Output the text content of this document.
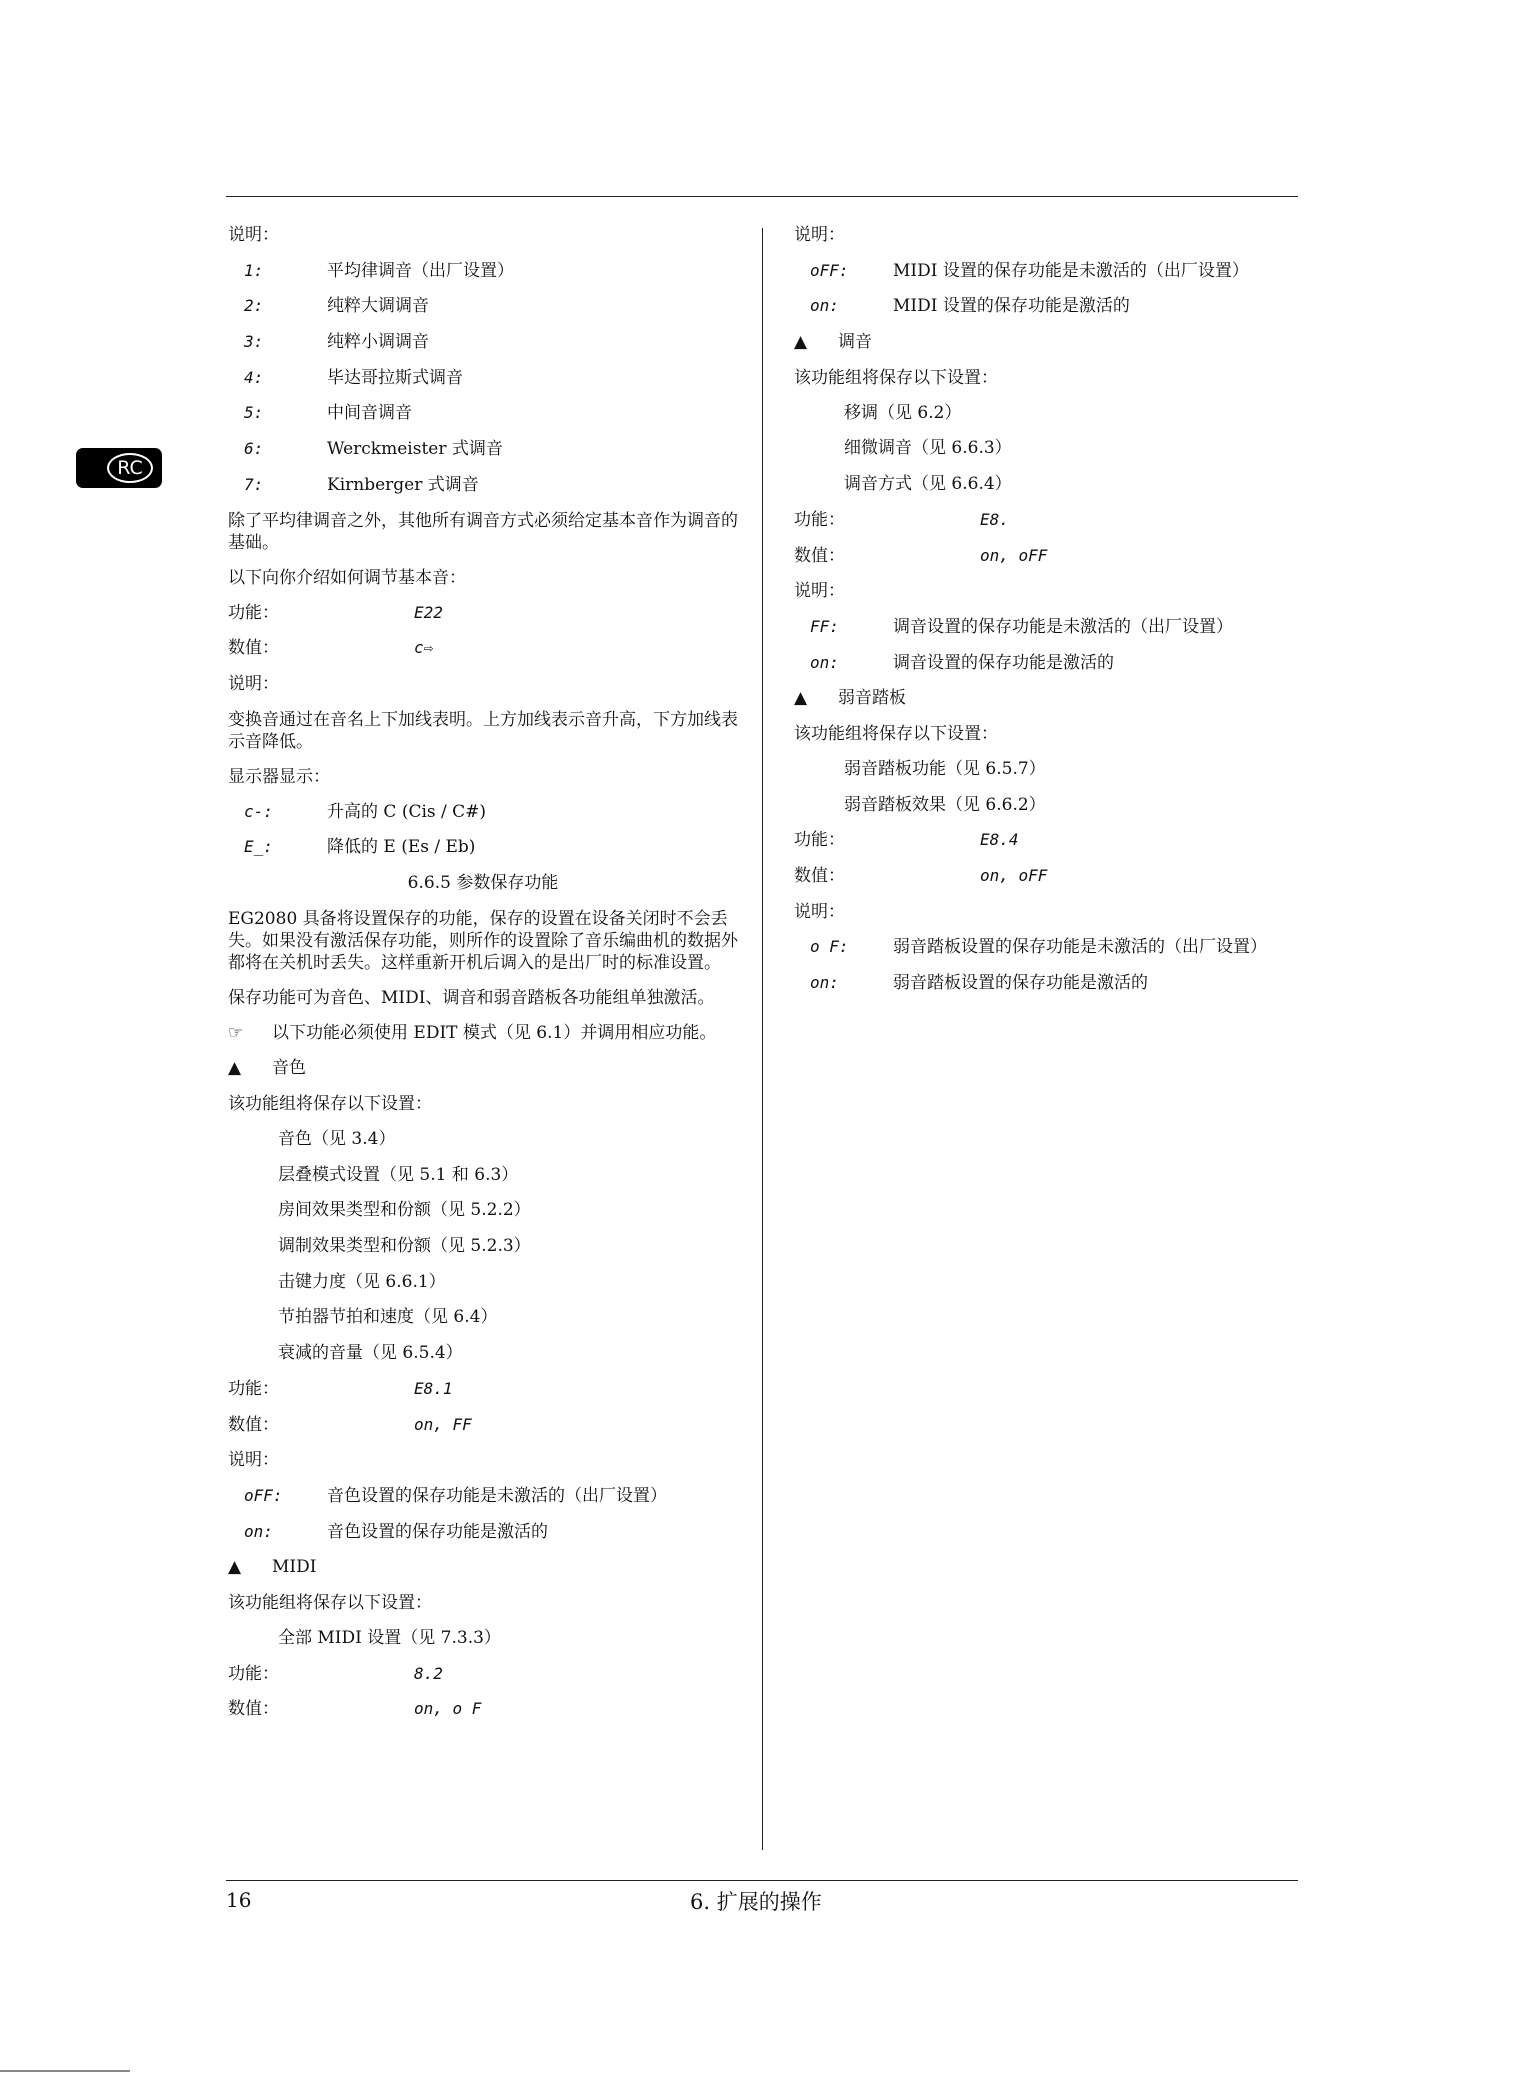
RC
说明：
1:	平均律调音（出厂设置）
2:	纯粹大调调音
3:	纯粹小调调音
4:	毕达哥拉斯式调音
5:	中间音调音
6:	Werckmeister 式调音
7:	Kirnberger 式调音
除了平均律调音之外，其他所有调音方式必须给定基本音作为调音的基础。
以下向你介绍如何调节基本音：
功能：	E22
数值：	c⇨
说明：
变换音通过在音名上下加线表明。上方加线表示音升高，下方加线表示音降低。
显示器显示：
c-:	升高的 C (Cis / C#)
E_:	降低的 E (Es / Eb)
6.6.5 参数保存功能
EG2080 具备将设置保存的功能，保存的设置在设备关闭时不会丢失。如果没有激活保存功能，则所作的设置除了音乐编曲机的数据外都将在关机时丢失。这样重新开机后调入的是出厂时的标准设置。
保存功能可为音色、MIDI、调音和弱音踏板各功能组单独激活。
☞ 以下功能必须使用 EDIT 模式（见 6.1）并调用相应功能。
▲ 音色
该功能组将保存以下设置：
音色（见 3.4）
层叠模式设置（见 5.1 和 6.3）
房间效果类型和份额（见 5.2.2）
调制效果类型和份额（见 5.2.3）
击键力度（见 6.6.1）
节拍器节拍和速度（见 6.4）
衰减的音量（见 6.5.4）
功能：	E8.1
数值：	on, FF
说明：
oFF:	音色设置的保存功能是未激活的（出厂设置）
on:	音色设置的保存功能是激活的
▲ MIDI
该功能组将保存以下设置：
全部 MIDI 设置（见 7.3.3）
功能：	8.2
数值：	on, o F
说明：
oFF:	MIDI 设置的保存功能是未激活的（出厂设置）
on:	MIDI 设置的保存功能是激活的
▲ 调音
该功能组将保存以下设置：
移调（见 6.2）
细微调音（见 6.6.3）
调音方式（见 6.6.4）
功能：	E8.
数值：	on, oFF
说明：
FF:	调音设置的保存功能是未激活的（出厂设置）
on:	调音设置的保存功能是激活的
▲ 弱音踏板
该功能组将保存以下设置：
弱音踏板功能（见 6.5.7）
弱音踏板效果（见 6.6.2）
功能：	E8.4
数值：	on, oFF
说明：
o F:	弱音踏板设置的保存功能是未激活的（出厂设置）
on:	弱音踏板设置的保存功能是激活的
16	6. 扩展的操作
